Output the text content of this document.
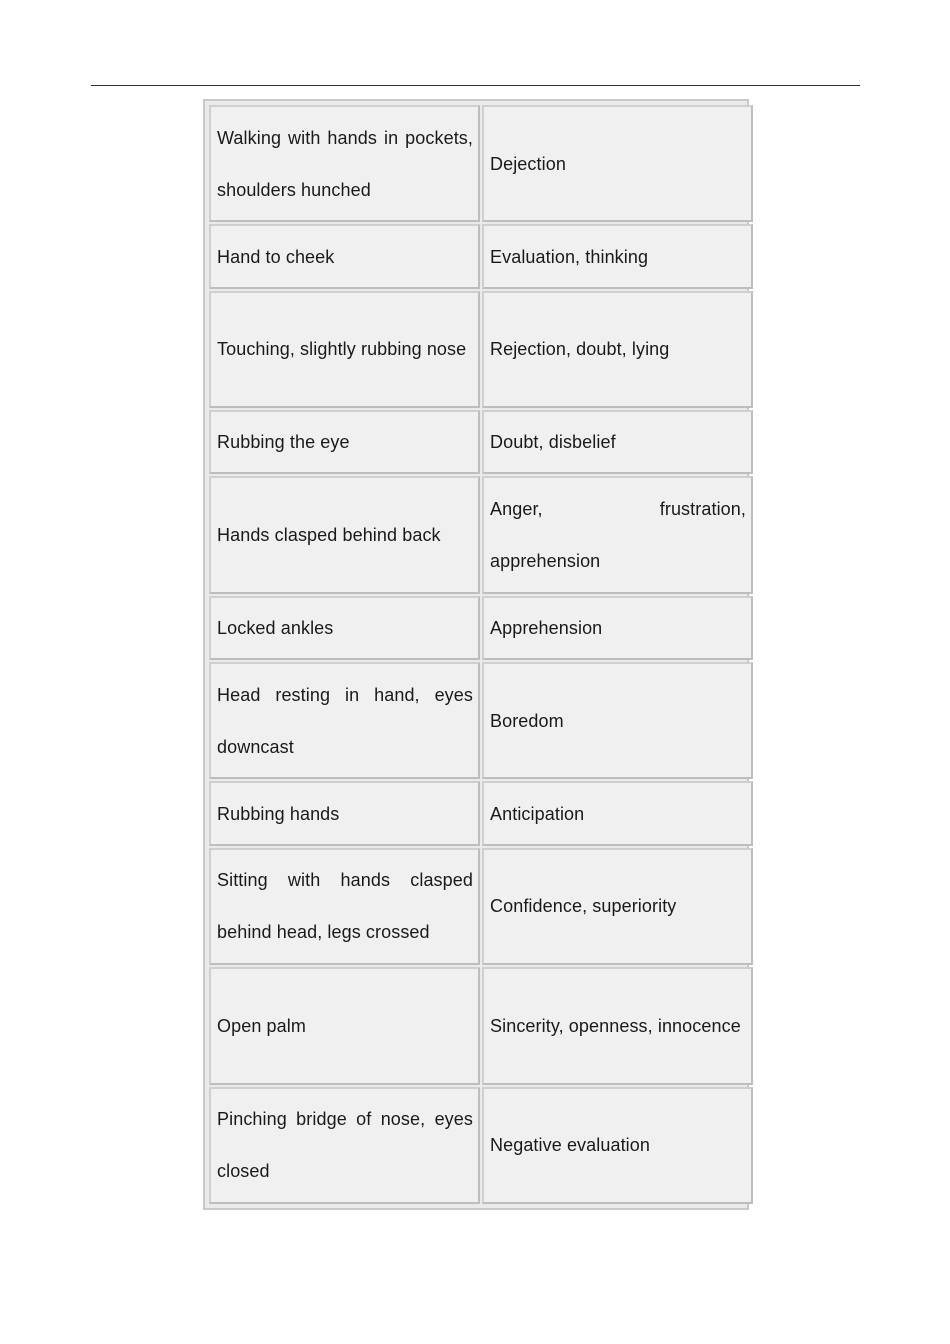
Walking with hands in pockets, shoulders hunched	Dejection
Hand to cheek	Evaluation, thinking
Touching, slightly rubbing nose	Rejection, doubt, lying
Rubbing the eye	Doubt, disbelief
Hands clasped behind back	Anger, frustration, apprehension
Locked ankles	Apprehension
Head resting in hand, eyes downcast	Boredom
Rubbing hands	Anticipation
Sitting with hands clasped behind head, legs crossed	Confidence, superiority
Open palm	Sincerity, openness, innocence
Pinching bridge of nose, eyes closed	Negative evaluation
